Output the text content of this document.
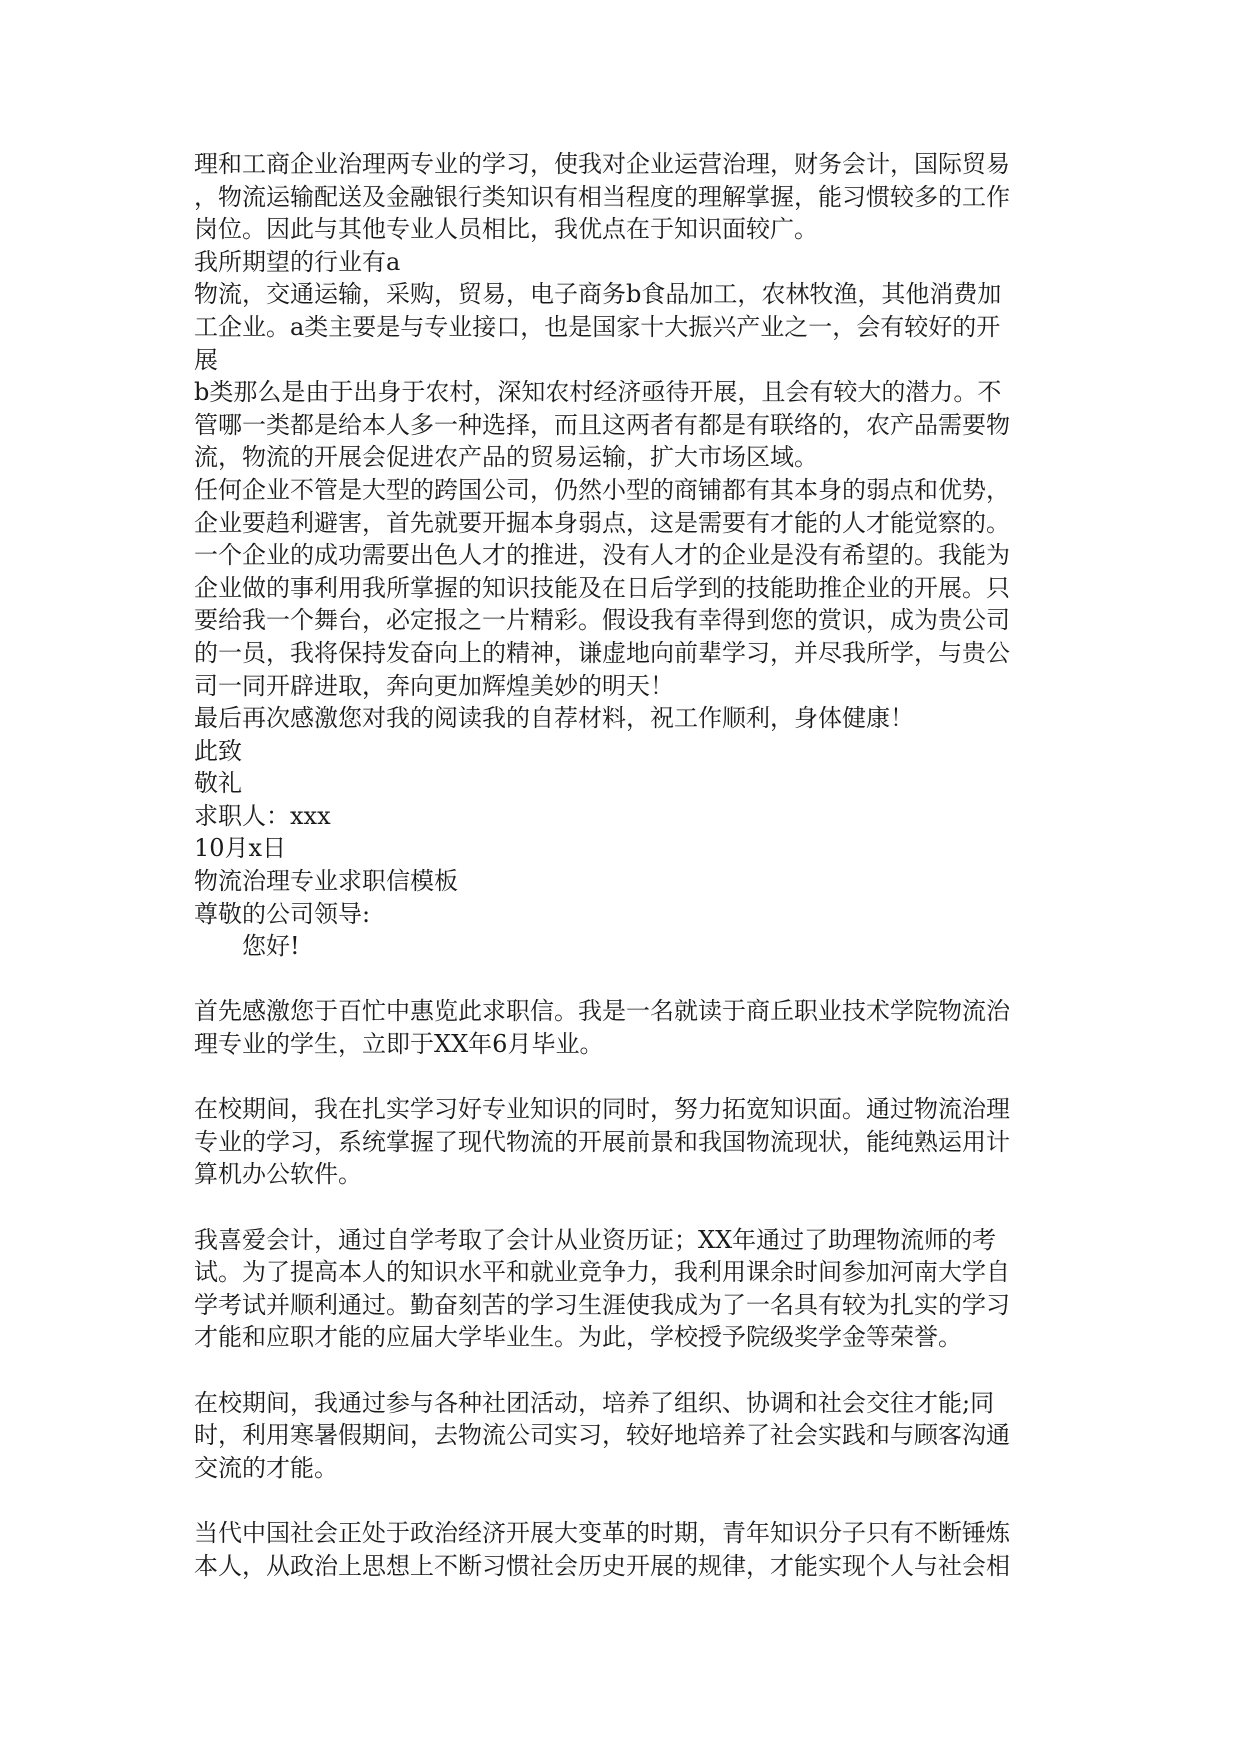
理和工商企业治理两专业的学习，使我对企业运营治理，财务会计，国际贸易

，物流运输配送及金融银行类知识有相当程度的理解掌握，能习惯较多的工作

岗位。因此与其他专业人员相比，我优点在于知识面较广。

我所期望的行业有a

物流，交通运输，采购，贸易，电子商务b食品加工，农林牧渔，其他消费加

工企业。a类主要是与专业接口，也是国家十大振兴产业之一，会有较好的开

展

b类那么是由于出身于农村，深知农村经济亟待开展，且会有较大的潜力。不

管哪一类都是给本人多一种选择，而且这两者有都是有联络的，农产品需要物

流，物流的开展会促进农产品的贸易运输，扩大市场区域。

任何企业不管是大型的跨国公司，仍然小型的商铺都有其本身的弱点和优势，

企业要趋利避害，首先就要开掘本身弱点，这是需要有才能的人才能觉察的。

一个企业的成功需要出色人才的推进，没有人才的企业是没有希望的。我能为

企业做的事利用我所掌握的知识技能及在日后学到的技能助推企业的开展。只

要给我一个舞台，必定报之一片精彩。假设我有幸得到您的赏识，成为贵公司

的一员，我将保持发奋向上的精神，谦虚地向前辈学习，并尽我所学，与贵公

司一同开辟进取，奔向更加辉煌美妙的明天！

最后再次感激您对我的阅读我的自荐材料，祝工作顺利，身体健康！

此致

敬礼

求职人：xxx

10月x日

物流治理专业求职信模板

尊敬的公司领导:

您好!

首先感激您于百忙中惠览此求职信。我是一名就读于商丘职业技术学院物流治

理专业的学生，立即于XX年6月毕业。

在校期间，我在扎实学习好专业知识的同时，努力拓宽知识面。通过物流治理

专业的学习，系统掌握了现代物流的开展前景和我国物流现状，能纯熟运用计

算机办公软件。

我喜爱会计，通过自学考取了会计从业资历证；XX年通过了助理物流师的考

试。为了提高本人的知识水平和就业竞争力，我利用课余时间参加河南大学自

学考试并顺利通过。勤奋刻苦的学习生涯使我成为了一名具有较为扎实的学习

才能和应职才能的应届大学毕业生。为此，学校授予院级奖学金等荣誉。

在校期间，我通过参与各种社团活动，培养了组织、协调和社会交往才能;同

时，利用寒暑假期间，去物流公司实习，较好地培养了社会实践和与顾客沟通

交流的才能。

当代中国社会正处于政治经济开展大变革的时期，青年知识分子只有不断锤炼

本人，从政治上思想上不断习惯社会历史开展的规律，才能实现个人与社会相
